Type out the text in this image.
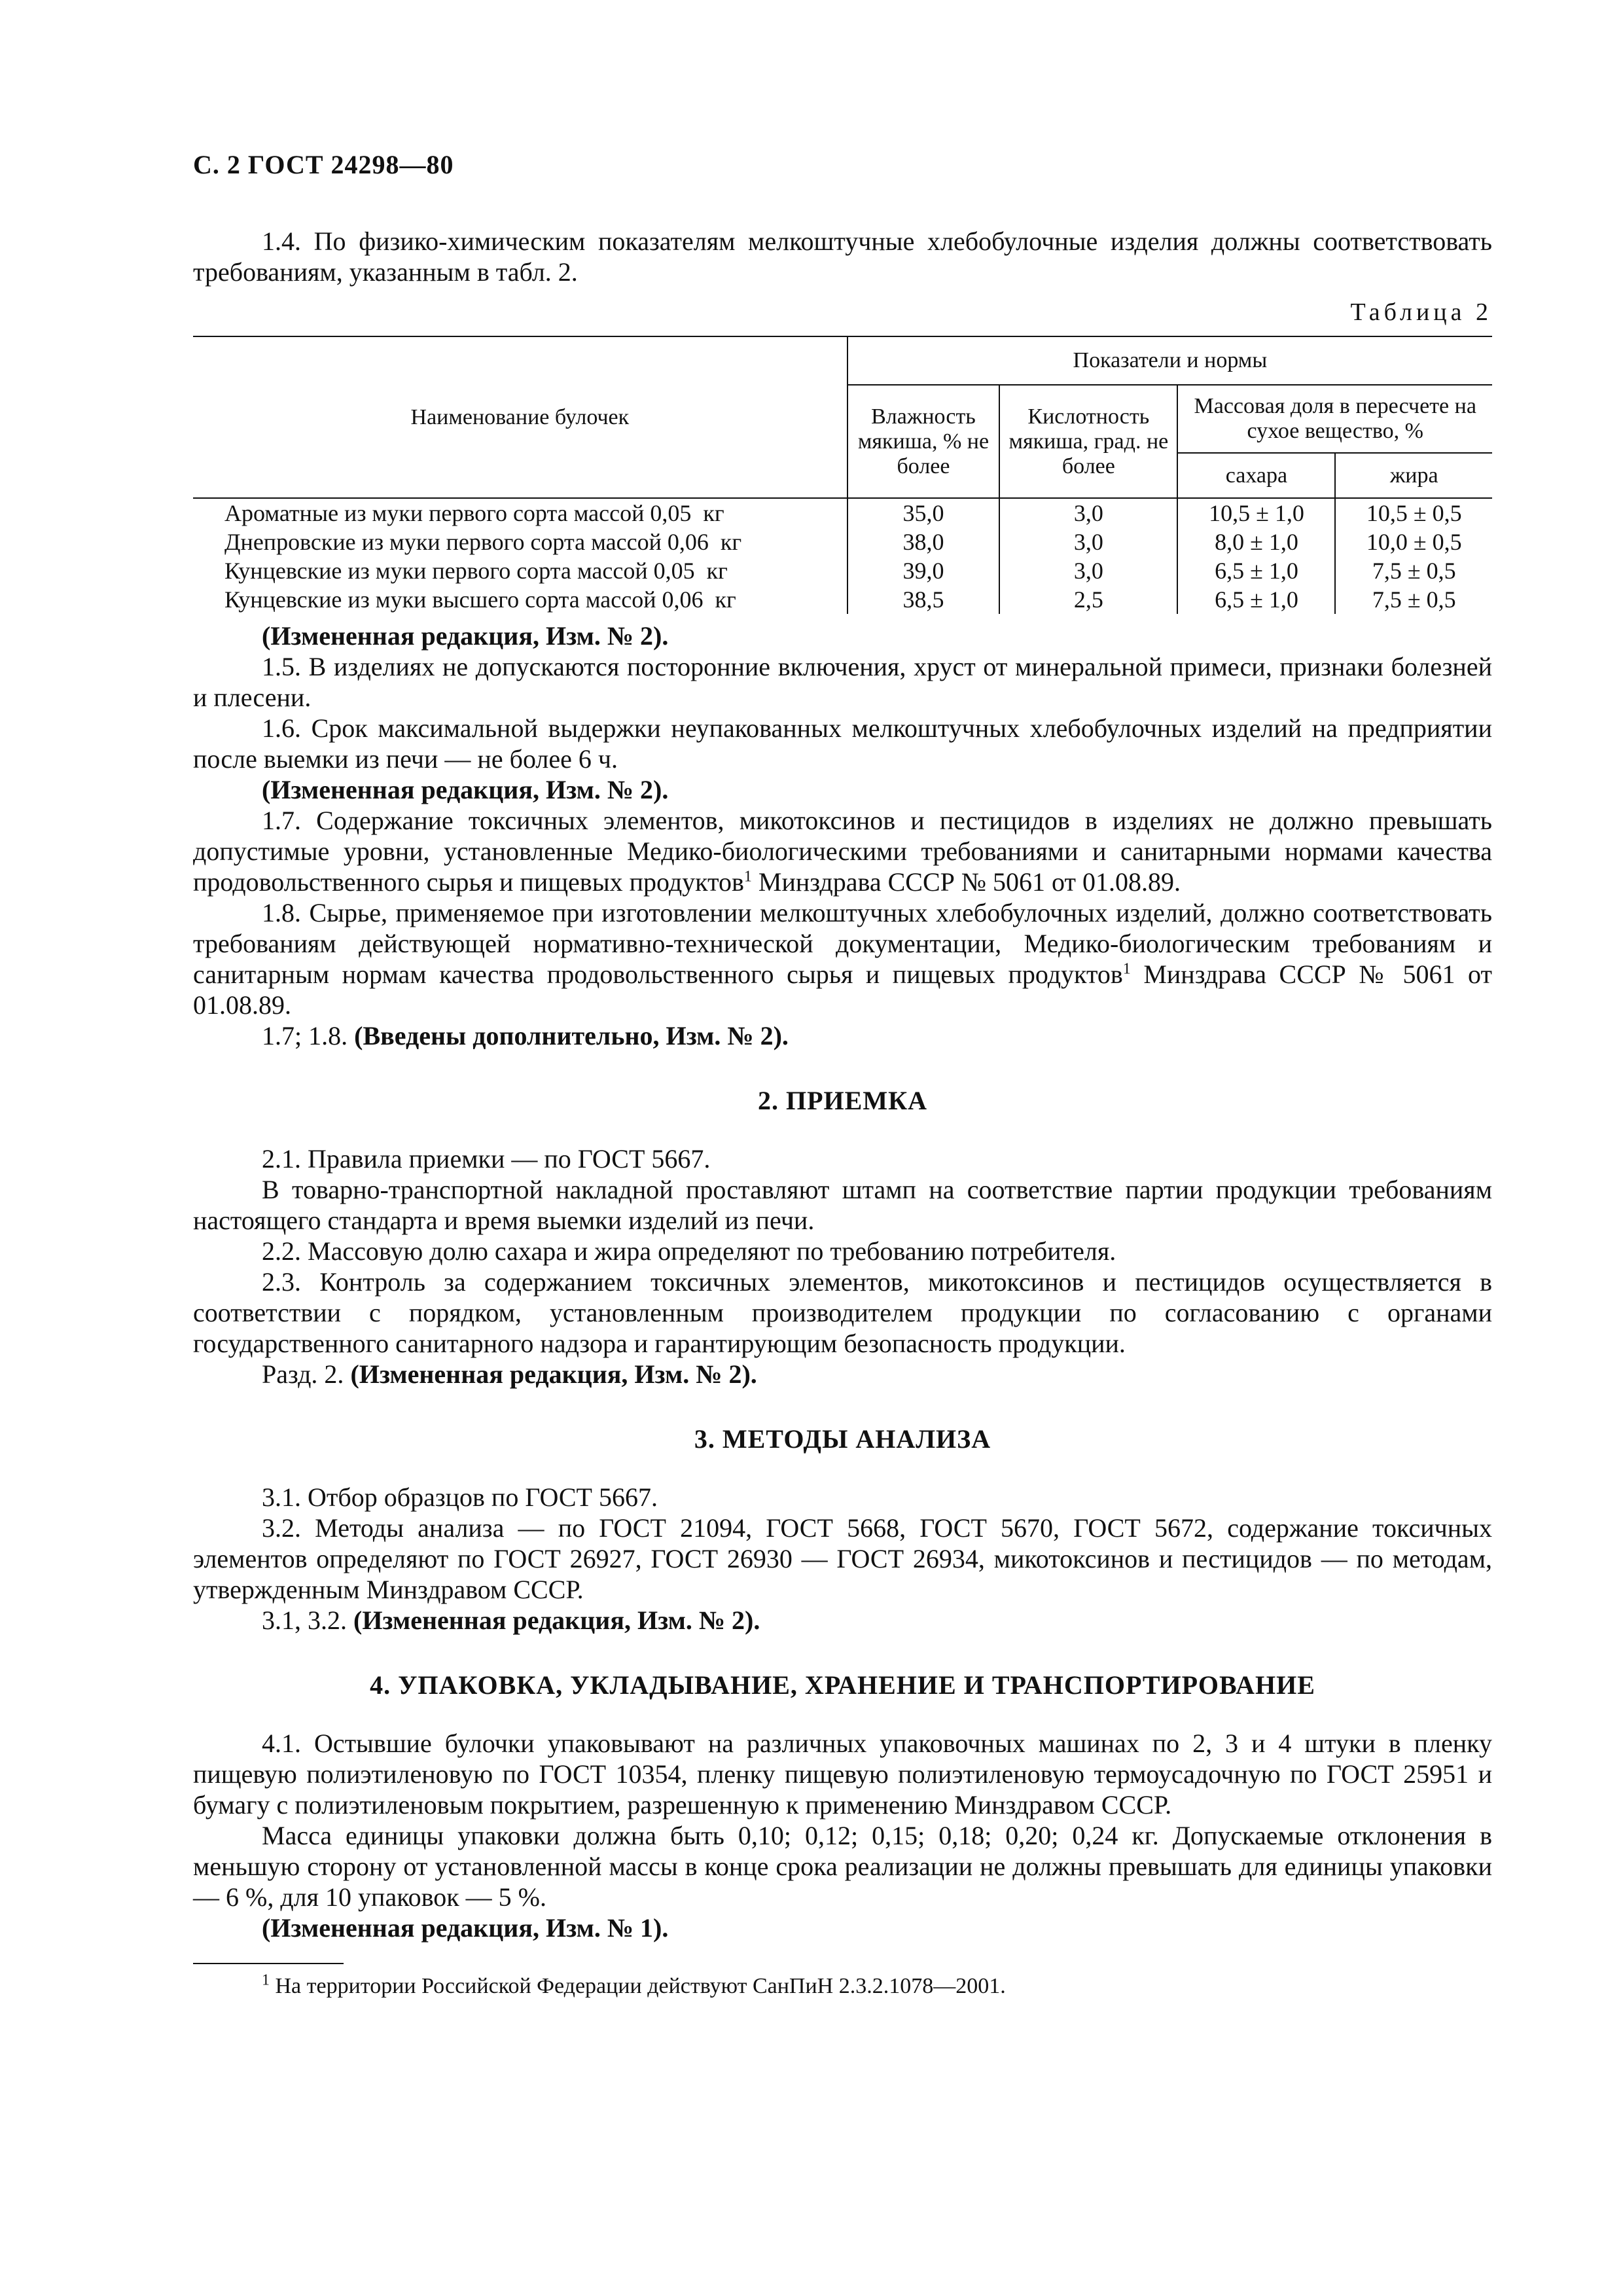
С. 2 ГОСТ 24298—80

1.4. По физико-химическим показателям мелкоштучные хлебобулочные изделия должны соответствовать требованиям, указанным в табл. 2.

Таблица 2
Наименование булочек	Показатели и нормы			
	Влажность мякиша, % не более	Кислотность мякиша, град. не более	Массовая доля в пересчете на сухое вещество, %	
			сахара	жира
Ароматные из муки первого сорта массой 0,05  кг	35,0	3,0	10,5 ± 1,0	10,5 ± 0,5
Днепровские из муки первого сорта массой 0,06  кг	38,0	3,0	8,0 ± 1,0	10,0 ± 0,5
Кунцевские из муки первого сорта массой 0,05  кг	39,0	3,0	6,5 ± 1,0	7,5 ± 0,5
Кунцевские из муки высшего сорта массой 0,06  кг	38,5	2,5	6,5 ± 1,0	7,5 ± 0,5

(Измененная редакция, Изм. № 2).

1.5. В изделиях не допускаются посторонние включения, хруст от минеральной примеси, признаки болезней и плесени.

1.6. Срок максимальной выдержки неупакованных мелкоштучных хлебобулочных изделий на предприятии после выемки из печи — не более 6 ч.

(Измененная редакция, Изм. № 2).

1.7. Содержание токсичных элементов, микотоксинов и пестицидов в изделиях не должно превышать допустимые уровни, установленные Медико-биологическими требованиями и санитарными нормами качества продовольственного сырья и пищевых продуктов$^1$ Минздрава СССР № 5061 от 01.08.89.

1.8. Сырье, применяемое при изготовлении мелкоштучных хлебобулочных изделий, должно соответствовать требованиям действующей нормативно-технической документации, Медико-биологическим требованиям и санитарным нормам качества продовольственного сырья и пищевых продуктов$^1$ Минздрава СССР № 5061 от 01.08.89.

1.7; 1.8. (Введены дополнительно, Изм. № 2).

2. ПРИЕМКА

2.1. Правила приемки — по ГОСТ 5667.

В товарно-транспортной накладной проставляют штамп на соответствие партии продукции требованиям настоящего стандарта и время выемки изделий из печи.

2.2. Массовую долю сахара и жира определяют по требованию потребителя.

2.3. Контроль за содержанием токсичных элементов, микотоксинов и пестицидов осуществляется в соответствии с порядком, установленным производителем продукции по согласованию с органами государственного санитарного надзора и гарантирующим безопасность продукции.

Разд. 2. (Измененная редакция, Изм. № 2).

3. МЕТОДЫ АНАЛИЗА

3.1. Отбор образцов по ГОСТ 5667.

3.2. Методы анализа — по ГОСТ 21094, ГОСТ 5668, ГОСТ 5670, ГОСТ 5672, содержание токсичных элементов определяют по ГОСТ 26927, ГОСТ 26930 — ГОСТ 26934, микотоксинов и пестицидов — по методам, утвержденным Минздравом СССР.

3.1, 3.2. (Измененная редакция, Изм. № 2).

4. УПАКОВКА, УКЛАДЫВАНИЕ, ХРАНЕНИЕ И ТРАНСПОРТИРОВАНИЕ

4.1. Остывшие булочки упаковывают на различных упаковочных машинах по 2, 3 и 4 штуки в пленку пищевую полиэтиленовую по ГОСТ 10354, пленку пищевую полиэтиленовую термоусадочную по ГОСТ 25951 и бумагу с полиэтиленовым покрытием, разрешенную к применению Минздравом СССР.

Масса единицы упаковки должна быть 0,10; 0,12; 0,15; 0,18; 0,20; 0,24 кг. Допускаемые отклонения в меньшую сторону от установленной массы в конце срока реализации не должны превышать для единицы упаковки — 6 %, для 10 упаковок — 5 %.

(Измененная редакция, Изм. № 1).

$^1$ На территории Российской Федерации действуют СанПиН 2.3.2.1078—2001.
